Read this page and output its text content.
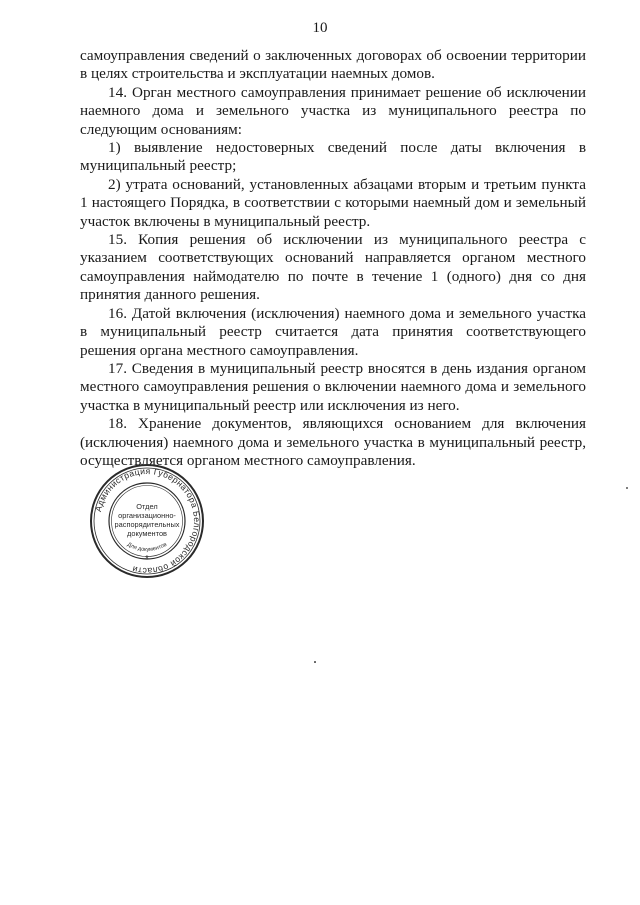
10

самоуправления сведений о заключенных договорах об освоении территории в целях строительства и эксплуатации наемных домов.

14. Орган местного самоуправления принимает решение об исключении наемного дома и земельного участка из муниципального реестра по следующим основаниям:

1) выявление недостоверных сведений после даты включения в муниципальный реестр;

2) утрата оснований, установленных абзацами вторым и третьим пункта 1 настоящего Порядка, в соответствии с которыми наемный дом и земельный участок включены в муниципальный реестр.

15. Копия решения об исключении из муниципального реестра с указанием соответствующих оснований направляется органом местного самоуправления наймодателю по почте в течение 1 (одного) дня со дня принятия данного решения.

16. Датой включения (исключения) наемного дома и земельного участка в муниципальный реестр считается дата принятия соответствующего решения органа местного самоуправления.

17. Сведения в муниципальный реестр вносятся в день издания органом местного самоуправления решения о включении наемного дома и земельного участка в муниципальный реестр или исключения из него.

18. Хранение документов, являющихся основанием для включения (исключения) наемного дома и земельного участка в муниципальный реестр, осуществляется органом местного самоуправления.

Администрация Губернатора Белгородской области
*
Отдел
организационно-
распорядительных
документов
Для документов
